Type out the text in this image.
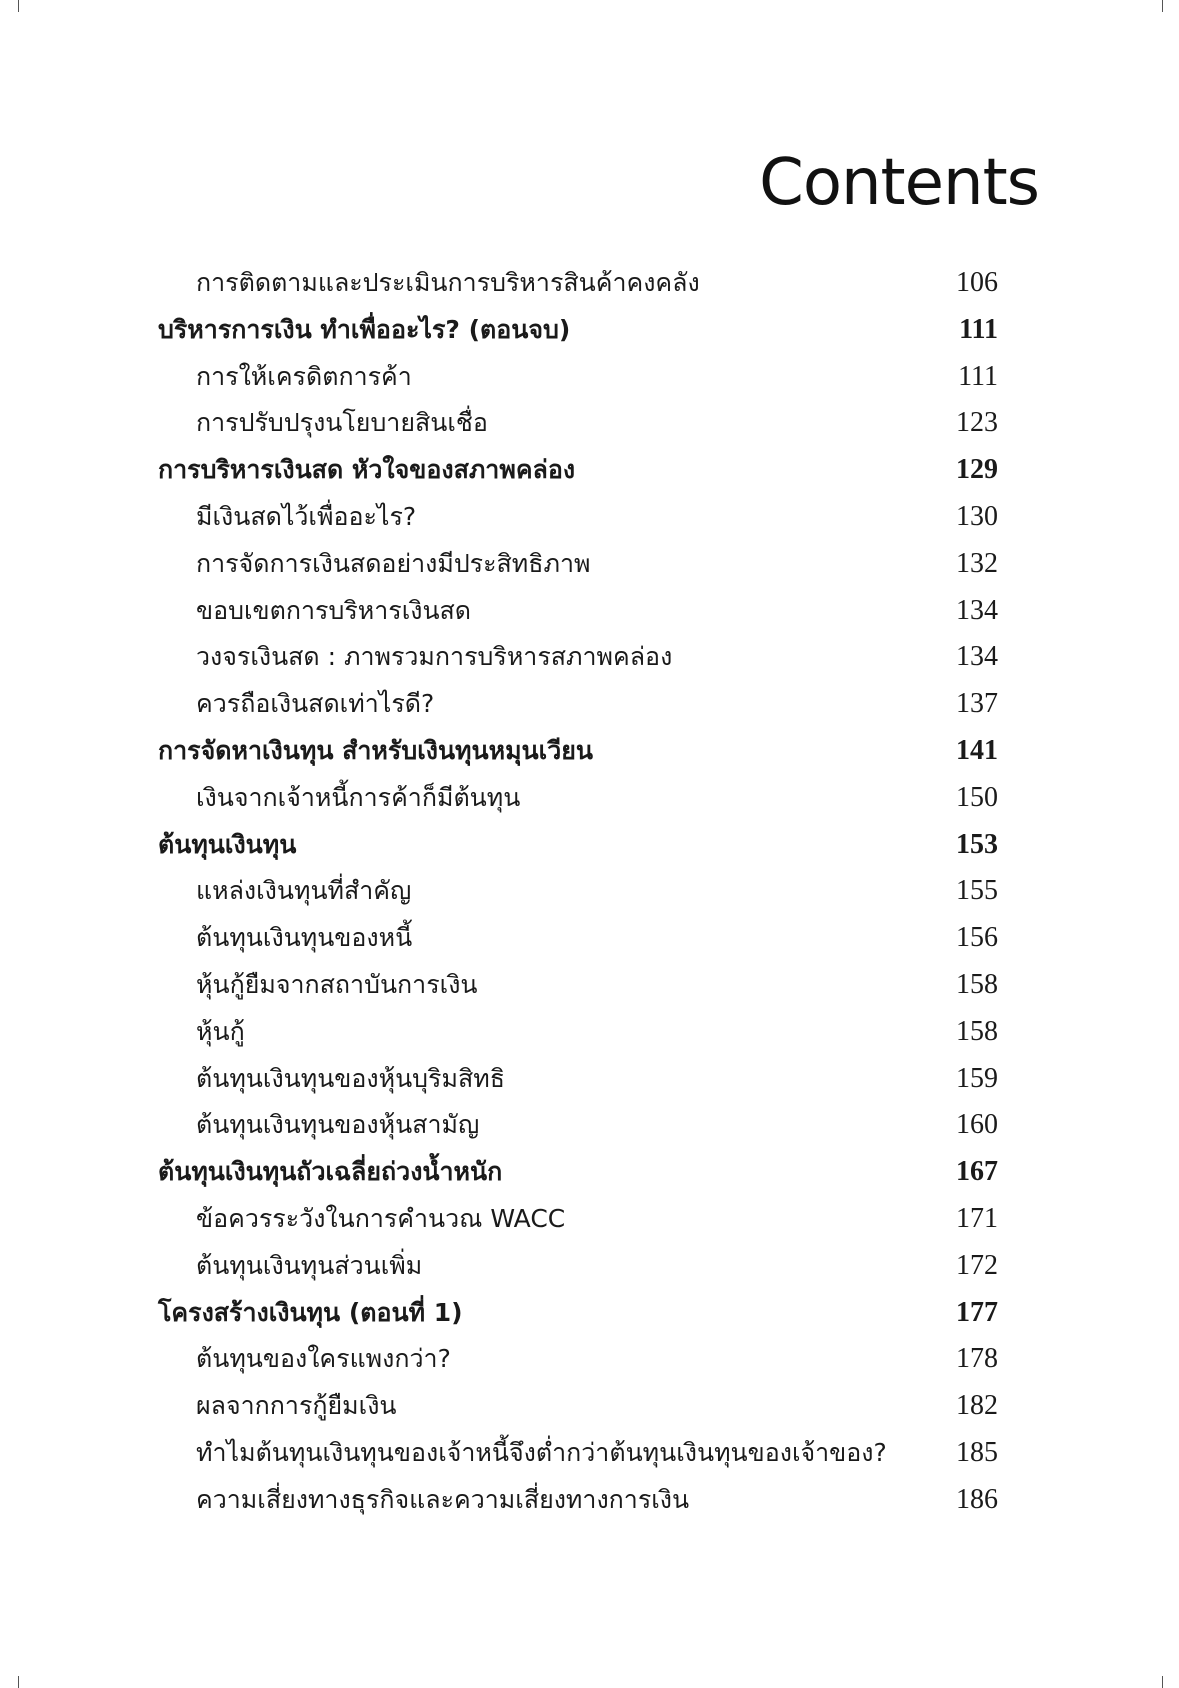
Contents
การติดตามและประเมินการบริหารสินค้าคงคลัง	106
บริหารการเงิน ทำเพื่ออะไร? (ตอนจบ)	111
การให้เครดิตการค้า	111
การปรับปรุงนโยบายสินเชื่อ	123
การบริหารเงินสด หัวใจของสภาพคล่อง	129
มีเงินสดไว้เพื่ออะไร?	130
การจัดการเงินสดอย่างมีประสิทธิภาพ	132
ขอบเขตการบริหารเงินสด	134
วงจรเงินสด : ภาพรวมการบริหารสภาพคล่อง	134
ควรถือเงินสดเท่าไรดี?	137
การจัดหาเงินทุน สำหรับเงินทุนหมุนเวียน	141
เงินจากเจ้าหนี้การค้าก็มีต้นทุน	150
ต้นทุนเงินทุน	153
แหล่งเงินทุนที่สำคัญ	155
ต้นทุนเงินทุนของหนี้	156
หุ้นกู้ยืมจากสถาบันการเงิน	158
หุ้นกู้	158
ต้นทุนเงินทุนของหุ้นบุริมสิทธิ	159
ต้นทุนเงินทุนของหุ้นสามัญ	160
ต้นทุนเงินทุนถัวเฉลี่ยถ่วงน้ำหนัก	167
ข้อควรระวังในการคำนวณ WACC	171
ต้นทุนเงินทุนส่วนเพิ่ม	172
โครงสร้างเงินทุน (ตอนที่ 1)	177
ต้นทุนของใครแพงกว่า?	178
ผลจากการกู้ยืมเงิน	182
ทำไมต้นทุนเงินทุนของเจ้าหนี้จึงต่ำกว่าต้นทุนเงินทุนของเจ้าของ?	185
ความเสี่ยงทางธุรกิจและความเสี่ยงทางการเงิน	186
